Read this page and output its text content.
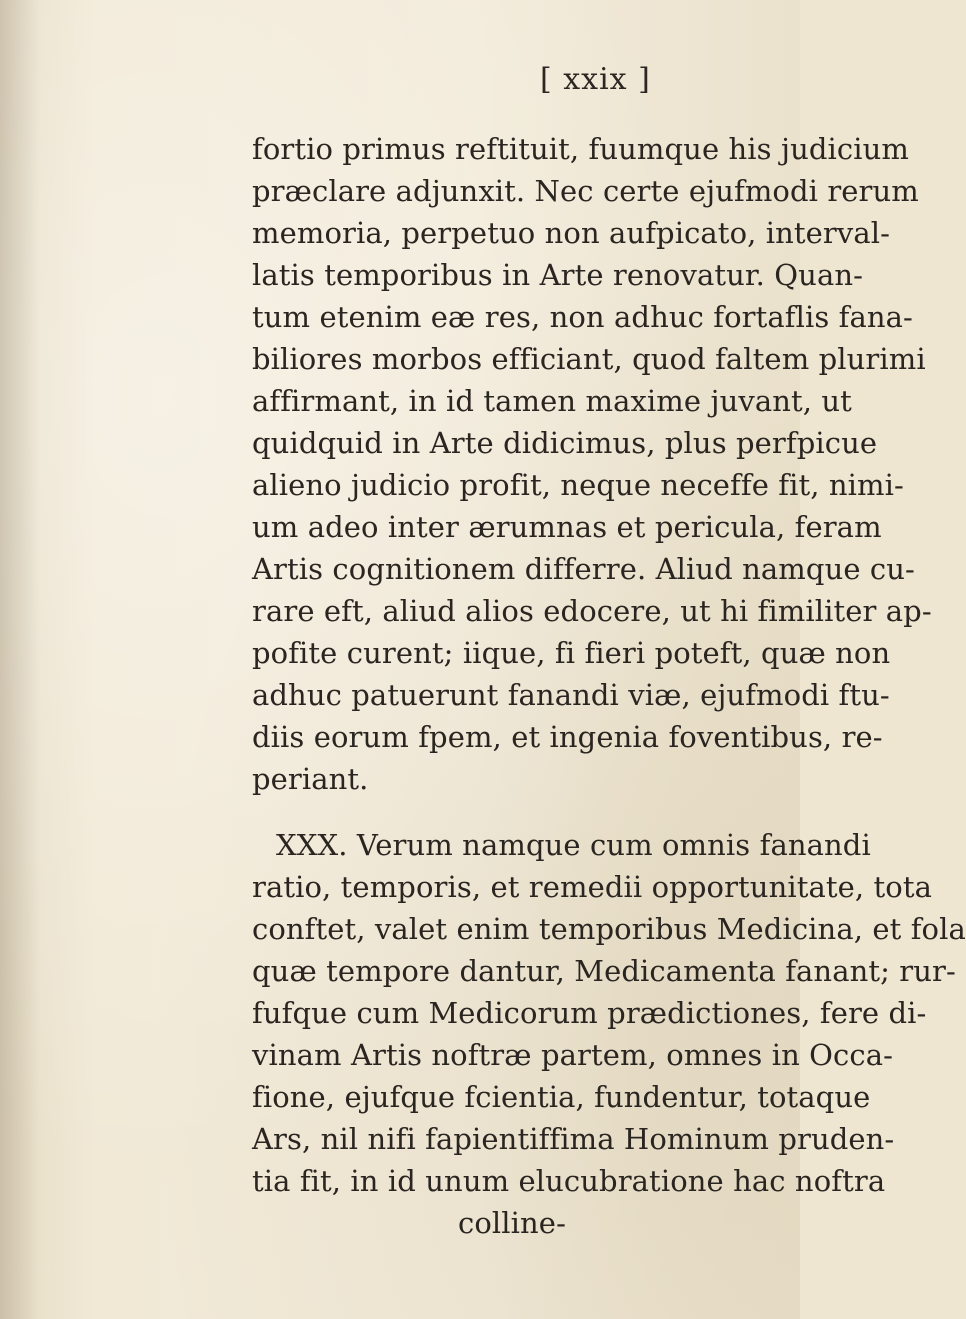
[ xxix ]
fortio primus reftituit, fuumque his judicium
præclare adjunxit. Nec certe ejufmodi rerum
memoria, perpetuo non aufpicato, interval-
latis temporibus in Arte renovatur. Quan-
tum etenim eæ res, non adhuc fortaflis fana-
biliores morbos efficiant, quod faltem plurimi
affirmant, in id tamen maxime juvant, ut
quidquid in Arte didicimus, plus perfpicue
alieno judicio profit, neque neceffe fit, nimi-
um adeo inter ærumnas et pericula, feram
Artis cognitionem differre. Aliud namque cu-
rare eft, aliud alios edocere, ut hi fimiliter ap-
pofite curent; iique, fi fieri poteft, quæ non
adhuc patuerunt fanandi viæ, ejufmodi ftu-
diis eorum fpem, et ingenia foventibus, re-
periant.
XXX. Verum namque cum omnis fanandi
ratio, temporis, et remedii opportunitate, tota
conftet, valet enim temporibus Medicina, et fola
quæ tempore dantur, Medicamenta fanant; rur-
fufque cum Medicorum prædictiones, fere di-
vinam Artis noftræ partem, omnes in Occa-
fione, ejufque fcientia, fundentur, totaque
Ars, nil nifi fapientiffima Hominum pruden-
tia fit, in id unum elucubratione hac noftra
colline-
